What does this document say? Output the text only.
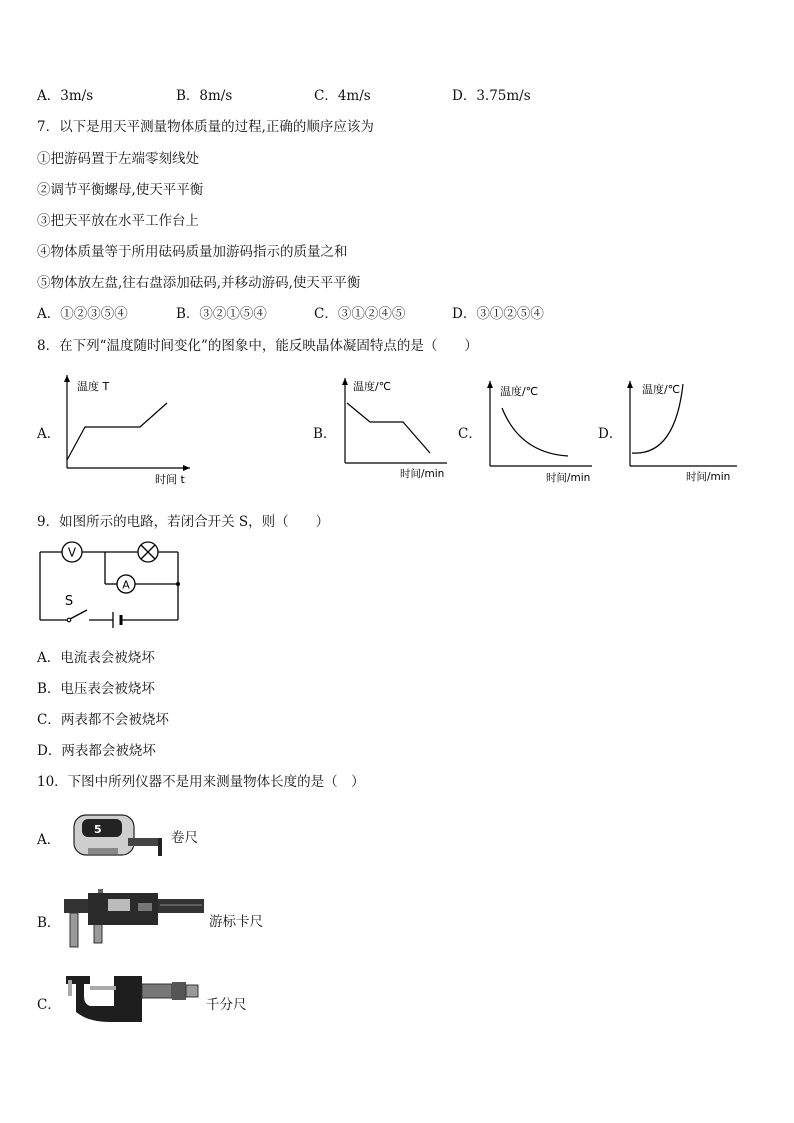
A．3m/s	B．8m/s	C．4m/s	D．3.75m/s
7．以下是用天平测量物体质量的过程,正确的顺序应该为
①把游码置于左端零刻线处
②调节平衡螺母,使天平平衡
③把天平放在水平工作台上
④物体质量等于所用砝码质量加游码指示的质量之和
⑤物体放左盘,往右盘添加砝码,并移动游码,使天平平衡
A．①②③⑤④	B．③②①⑤④	C．③①②④⑤	D．③①②⑤④
8．在下列“温度随时间变化”的图象中，能反映晶体凝固特点的是（　　）
A．
温度 T
时间 t
B．
温度/℃
时间/min
C．
温度/℃
时间/min
D．
温度/℃
时间/min
9．如图所示的电路，若闭合开关 S，则（　　）
V
A
S
A．电流表会被烧坏
B．电压表会被烧坏
C．两表都不会被烧坏
D．两表都会被烧坏
10．下图中所列仪器不是用来测量物体长度的是（　）
A．
5
卷尺
B．	游标卡尺
C．	千分尺
